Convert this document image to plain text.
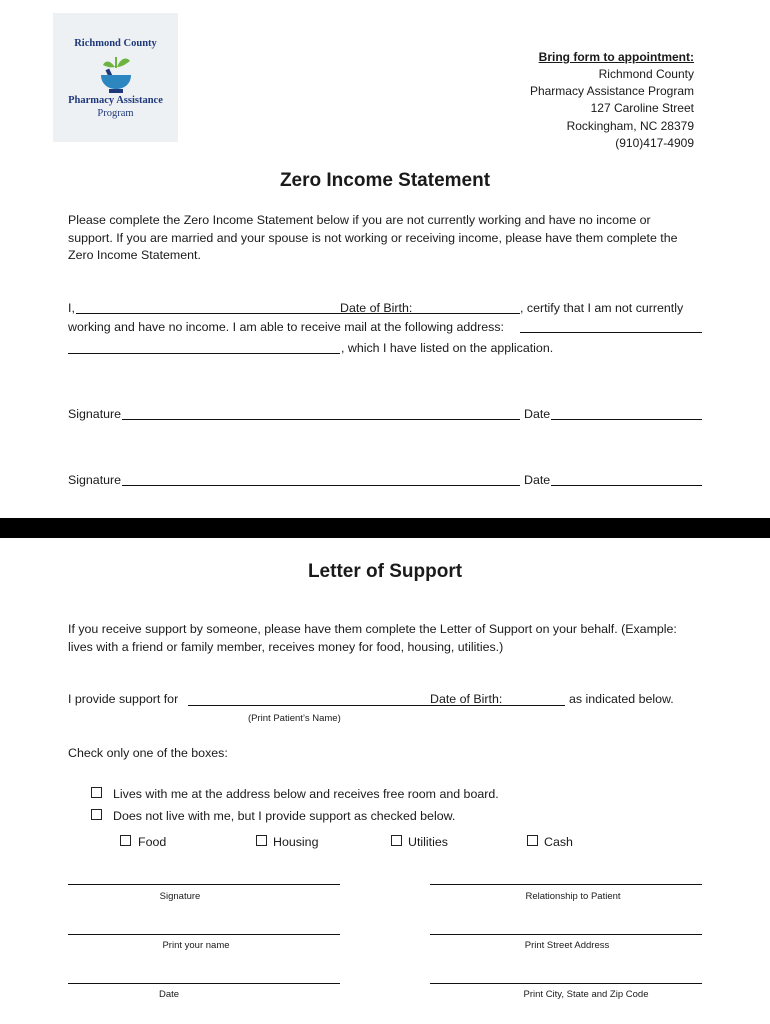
Richmond County
Pharmacy Assistance
Program
Bring form to appointment:
Richmond County
Pharmacy Assistance Program
127 Caroline Street
Rockingham, NC 28379
(910)417-4909
Zero Income Statement
Please complete the Zero Income Statement below if you are not currently working and have no income or
support. If you are married and your spouse is not working or receiving income, please have them complete the
Zero Income Statement.
I,	Date of Birth:	, certify that I am not currently
working and have no income. I am able to receive mail at the following address:
, which I have listed on the application.
Signature	Date
Signature	Date
Letter of Support
If you receive support by someone, please have them complete the Letter of Support on your behalf. (Example:
lives with a friend or family member, receives money for food, housing, utilities.)
I provide support for	Date of Birth:	as indicated below.
(Print Patient’s Name)
Check only one of the boxes:
Lives with me at the address below and receives free room and board.
Does not live with me, but I provide support as checked below.
Food	Housing	Utilities	Cash
Signature	Relationship to Patient
Print your name	Print Street Address
Date	Print City, State and Zip Code
